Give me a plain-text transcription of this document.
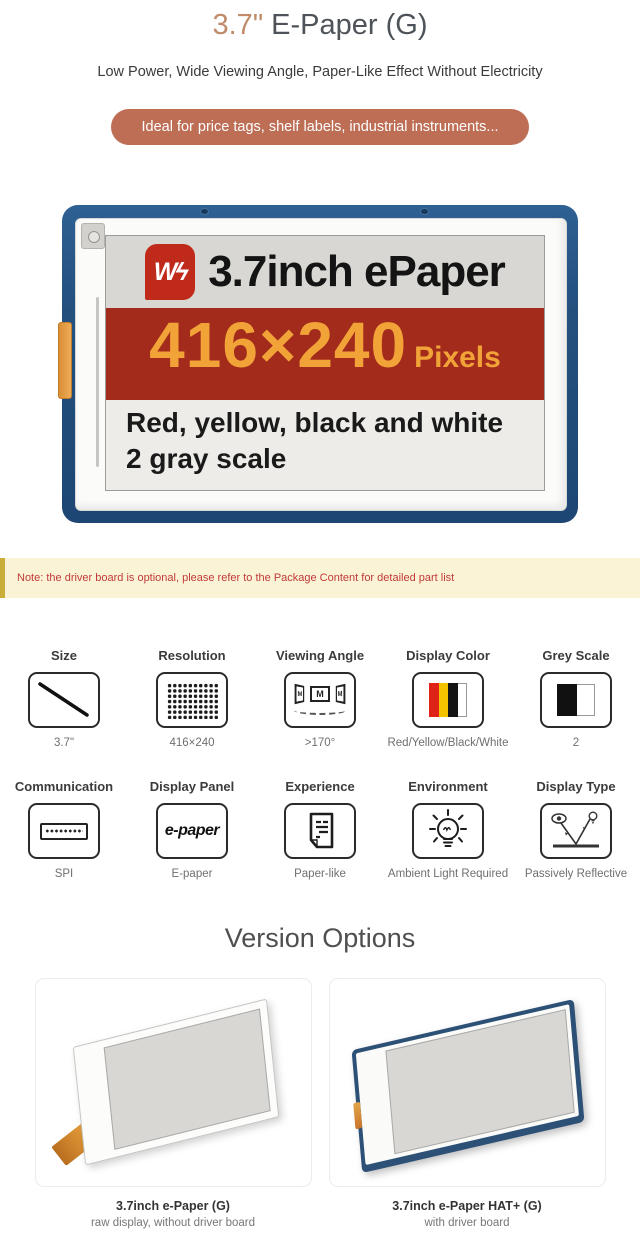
3.7" E-Paper (G)
Low Power, Wide Viewing Angle, Paper-Like Effect Without Electricity
Ideal for price tags, shelf labels, industrial instruments...
Wϟ 3.7inch ePaper
416×240 Pixels
Red, yellow, black and white
2 gray scale
Note: the driver board is optional, please refer to the Package Content for detailed part list
Size
3.7"
Resolution
416×240
M	M	M
Viewing Angle
>170°
Display Color
Red/Yellow/Black/White
Grey Scale
2
Communication
SPI
Display Panel
e-paper
E-paper
Experience
Paper-like
Environment
Ambient Light Required
Display Type
Passively Reflective
Version Options
3.7inch e-Paper (G)
raw display, without driver board
3.7inch e-Paper HAT+ (G)
with driver board
